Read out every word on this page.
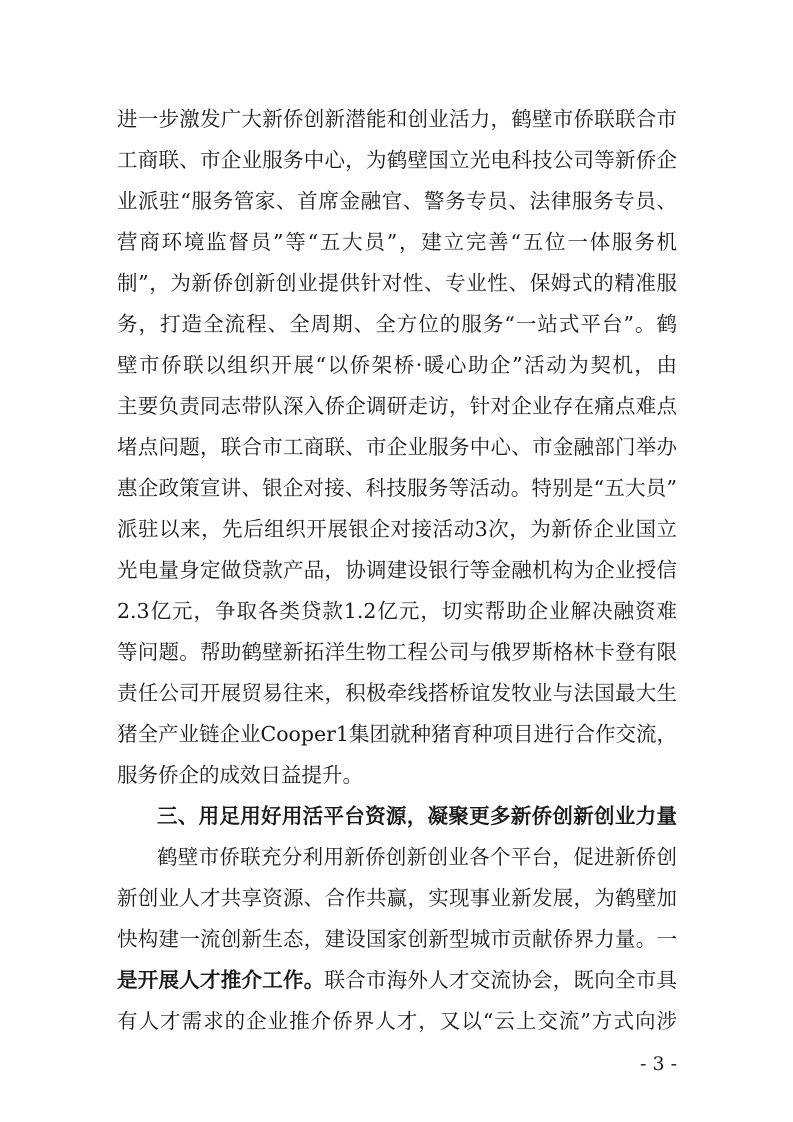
进一步激发广大新侨创新潜能和创业活力，鹤壁市侨联联合市
工商联、市企业服务中心，为鹤壁国立光电科技公司等新侨企
业派驻“服务管家、首席金融官、警务专员、法律服务专员、
营商环境监督员”等“五大员”，建立完善“五位一体服务机
制”，为新侨创新创业提供针对性、专业性、保姆式的精准服
务，打造全流程、全周期、全方位的服务“一站式平台”。鹤
壁市侨联以组织开展“以侨架桥·暖心助企”活动为契机，由
主要负责同志带队深入侨企调研走访，针对企业存在痛点难点
堵点问题，联合市工商联、市企业服务中心、市金融部门举办
惠企政策宣讲、银企对接、科技服务等活动。特别是“五大员”
派驻以来，先后组织开展银企对接活动3次，为新侨企业国立
光电量身定做贷款产品，协调建设银行等金融机构为企业授信
2.3亿元，争取各类贷款1.2亿元，切实帮助企业解决融资难
等问题。帮助鹤壁新拓洋生物工程公司与俄罗斯格林卡登有限
责任公司开展贸易往来，积极牵线搭桥谊发牧业与法国最大生
猪全产业链企业Cooper1集团就种猪育种项目进行合作交流，
服务侨企的成效日益提升。
三、用足用好用活平台资源，凝聚更多新侨创新创业力量
鹤壁市侨联充分利用新侨创新创业各个平台，促进新侨创
新创业人才共享资源、合作共赢，实现事业新发展，为鹤壁加
快构建一流创新生态，建设国家创新型城市贡献侨界力量。一
是开展人才推介工作。联合市海外人才交流协会，既向全市具
有人才需求的企业推介侨界人才，又以“云上交流”方式向涉
- 3 -
